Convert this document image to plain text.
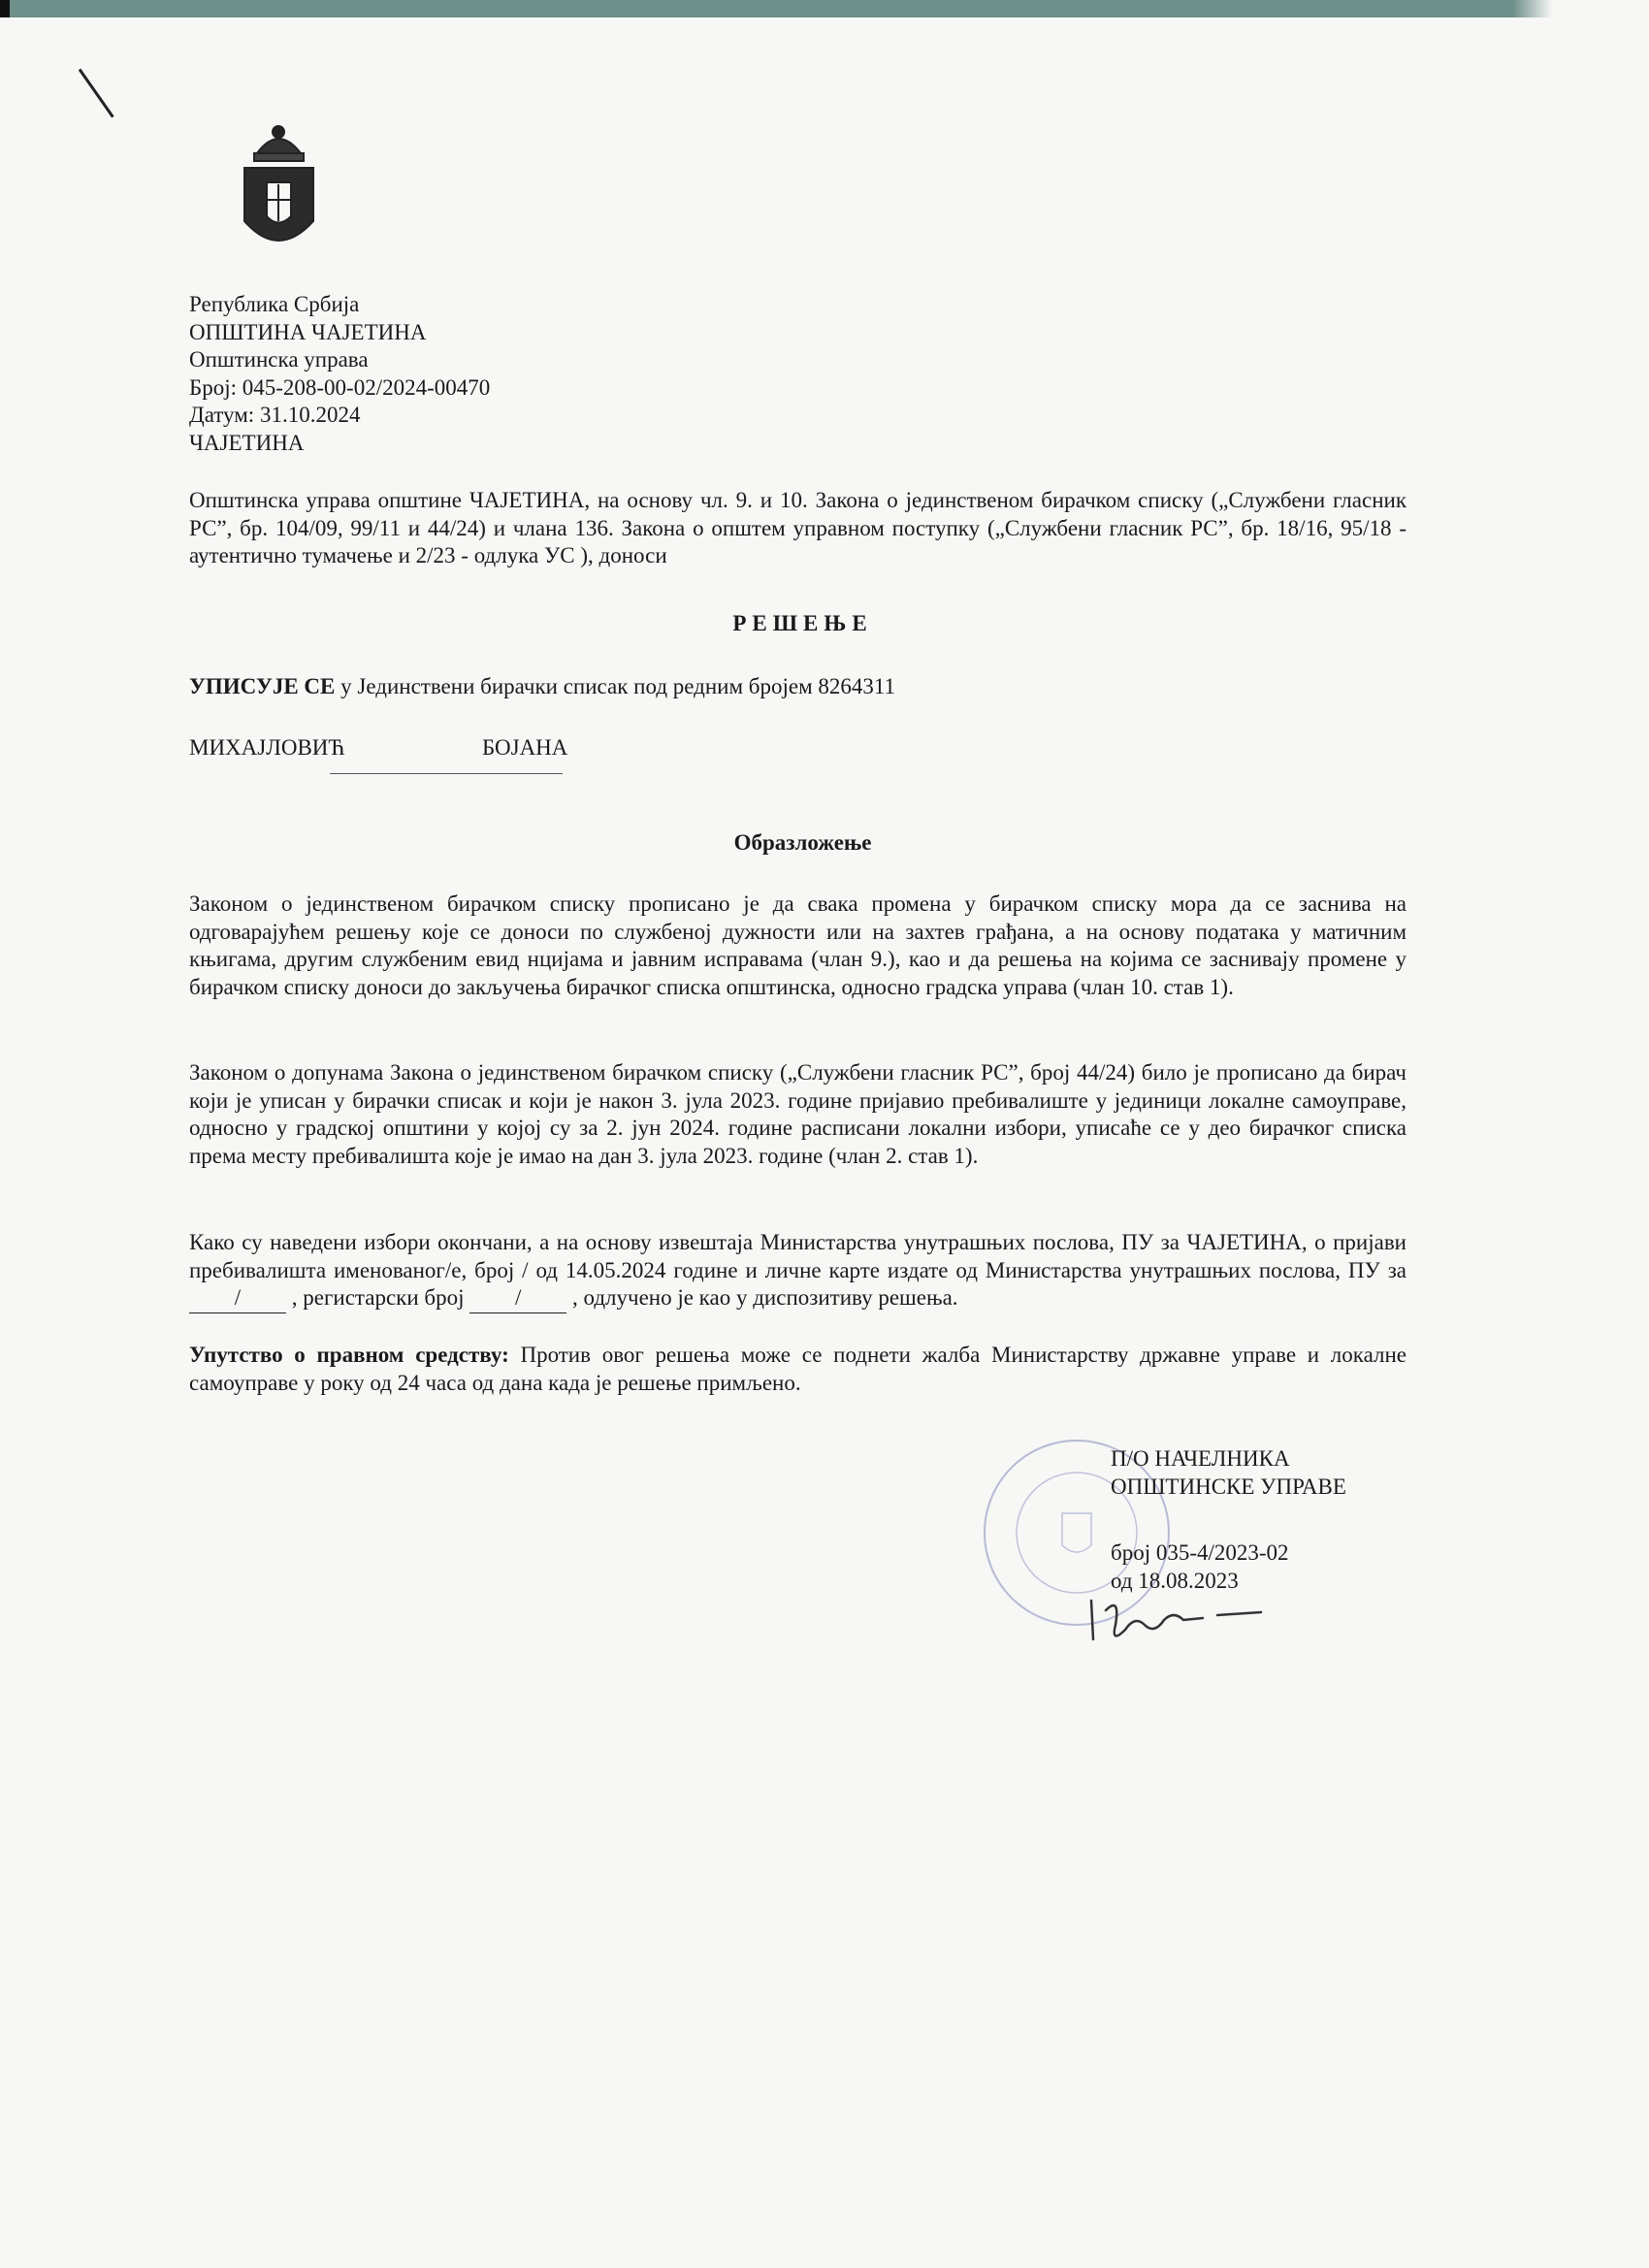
Република Србија
ОПШТИНА ЧАЈЕТИНА
Општинска управа
Број: 045-208-00-02/2024-00470
Датум: 31.10.2024
ЧАЈЕТИНА
Општинска управа општине ЧАЈЕТИНА, на основу чл. 9. и 10. Закона о јединственом бирачком списку („Службени гласник РС”, бр. 104/09, 99/11 и 44/24) и члана 136. Закона о општем управном поступку („Службени гласник РС”, бр. 18/16, 95/18 - аутентично тумачење и 2/23 - одлука УС ), доноси
РЕШЕЊЕ
УПИСУЈЕ СЕ у Јединствени бирачки списак под редним бројем 8264311
МИХАЈЛОВИЋ	БОЈАНА
Образложење
Законом о јединственом бирачком списку прописано је да свака промена у бирачком списку мора да се заснива на одговарајућем решењу које се доноси по службеној дужности или на захтев грађана, а на основу података у матичним књигама, другим службеним евид нцијама и јавним исправама (члан 9.), као и да решења на којима се заснивају промене у бирачком списку доноси до закључења бирачког списка општинска, односно градска управа (члан 10. став 1).
Законом о допунама Закона о јединственом бирачком списку („Службени гласник РС”, број 44/24) било је прописано да бирач који је уписан у бирачки списак и који је након 3. јула 2023. године пријавио пребивалиште у јединици локалне самоуправе, односно у градској општини у којој су за 2. јун 2024. године расписани локални избори, уписаће се у део бирачког списка према месту пребивалишта које је имао на дан 3. јула 2023. године (члан 2. став 1).
Како су наведени избори окончани, а на основу извештаја Министарства унутрашњих послова, ПУ за ЧАЈЕТИНА, о пријави пребивалишта именованог/е, број / од 14.05.2024 године и личне карте издате од Министарства унутрашњих послова, ПУ за / , регистарски број / , одлучено је као у диспозитиву решења.
Упутство о правном средству: Против овог решења може се поднети жалба Министарству државне управе и локалне самоуправе у року од 24 часа од дана када је решење примљено.
П/О НАЧЕЛНИКА
ОПШТИНСКЕ УПРАВЕ
број 035-4/2023-02
од 18.08.2023
